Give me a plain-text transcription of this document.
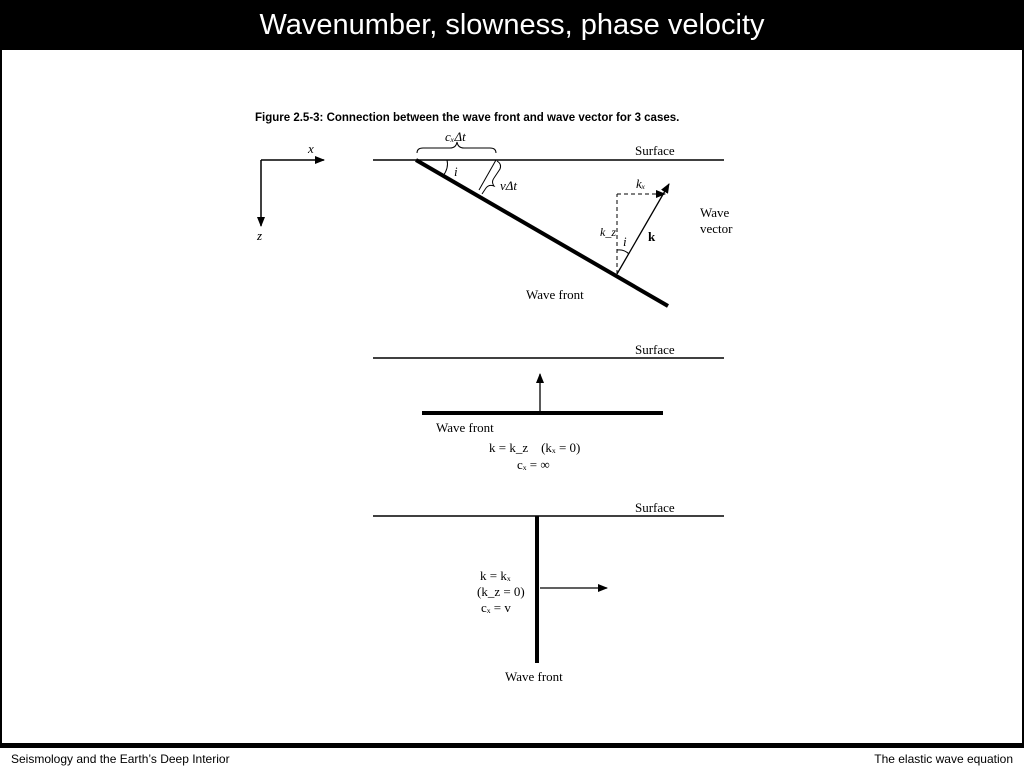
Wavenumber, slowness, phase velocity
Figure 2.5-3: Connection between the wave front and wave vector for 3 cases.
x
z
Surface
Wave front
cₓΔt
vΔt
i
kₓ
k_z
i k
Wave
vector
Surface
Wave front
k = k_z    (kₓ = 0)
cₓ = ∞
Surface
k = kₓ
(k_z = 0)
cₓ = v
Wave front
Seismology and the Earth’s Deep Interior	The elastic wave equation
